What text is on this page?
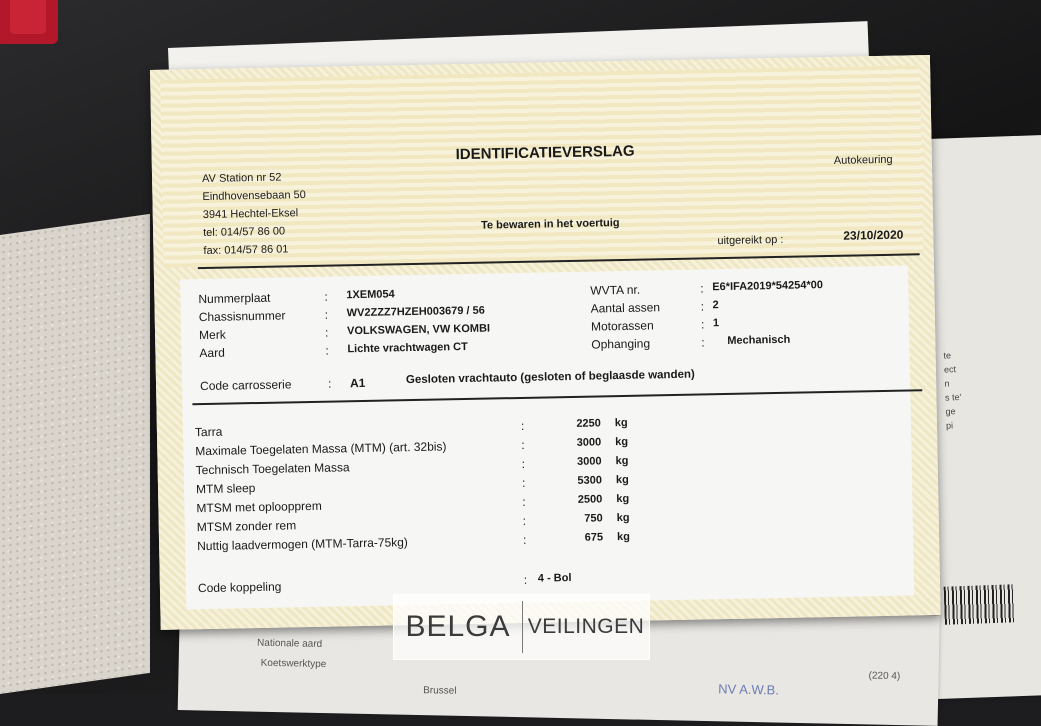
te
ect
n
s te'
ge
pi
Nationale aard
Koetswerktype
(220 4)
NV A.W.B.
Brussel
IDENTIFICATIEVERSLAG	Autokeuring
AV Station nr 52
Eindhovensebaan 50
3941 Hechtel-Eksel
tel: 014/57 86 00
fax: 014/57 86 01
Te bewaren in het voertuig
uitgereikt op :	23/10/2020
Nummerplaat	: 1XEM054
Chassisnummer	: WV2ZZZ7HZEH003679 / 56
Merk	: VOLKSWAGEN, VW KOMBI
Aard	: Lichte vrachtwagen CT
WVTA nr.	: E6*IFA2019*54254*00
Aantal assen	: 2
Motorassen	: 1
Ophanging	: Mechanisch
Code carrosserie	: A1	Gesloten vrachtauto (gesloten of beglaasde wanden)
Tarra	:	2250 kg
Maximale Toegelaten Massa (MTM) (art. 32bis)	:	3000 kg
Technisch Toegelaten Massa	:	3000 kg
MTM sleep	:	5300 kg
MTSM met oploopprem	:	2500 kg
MTSM zonder rem	:	750 kg
Nuttig laadvermogen (MTM-Tarra-75kg)	:	675 kg
Code koppeling	: 4 - Bol
BELGA VEILINGEN
